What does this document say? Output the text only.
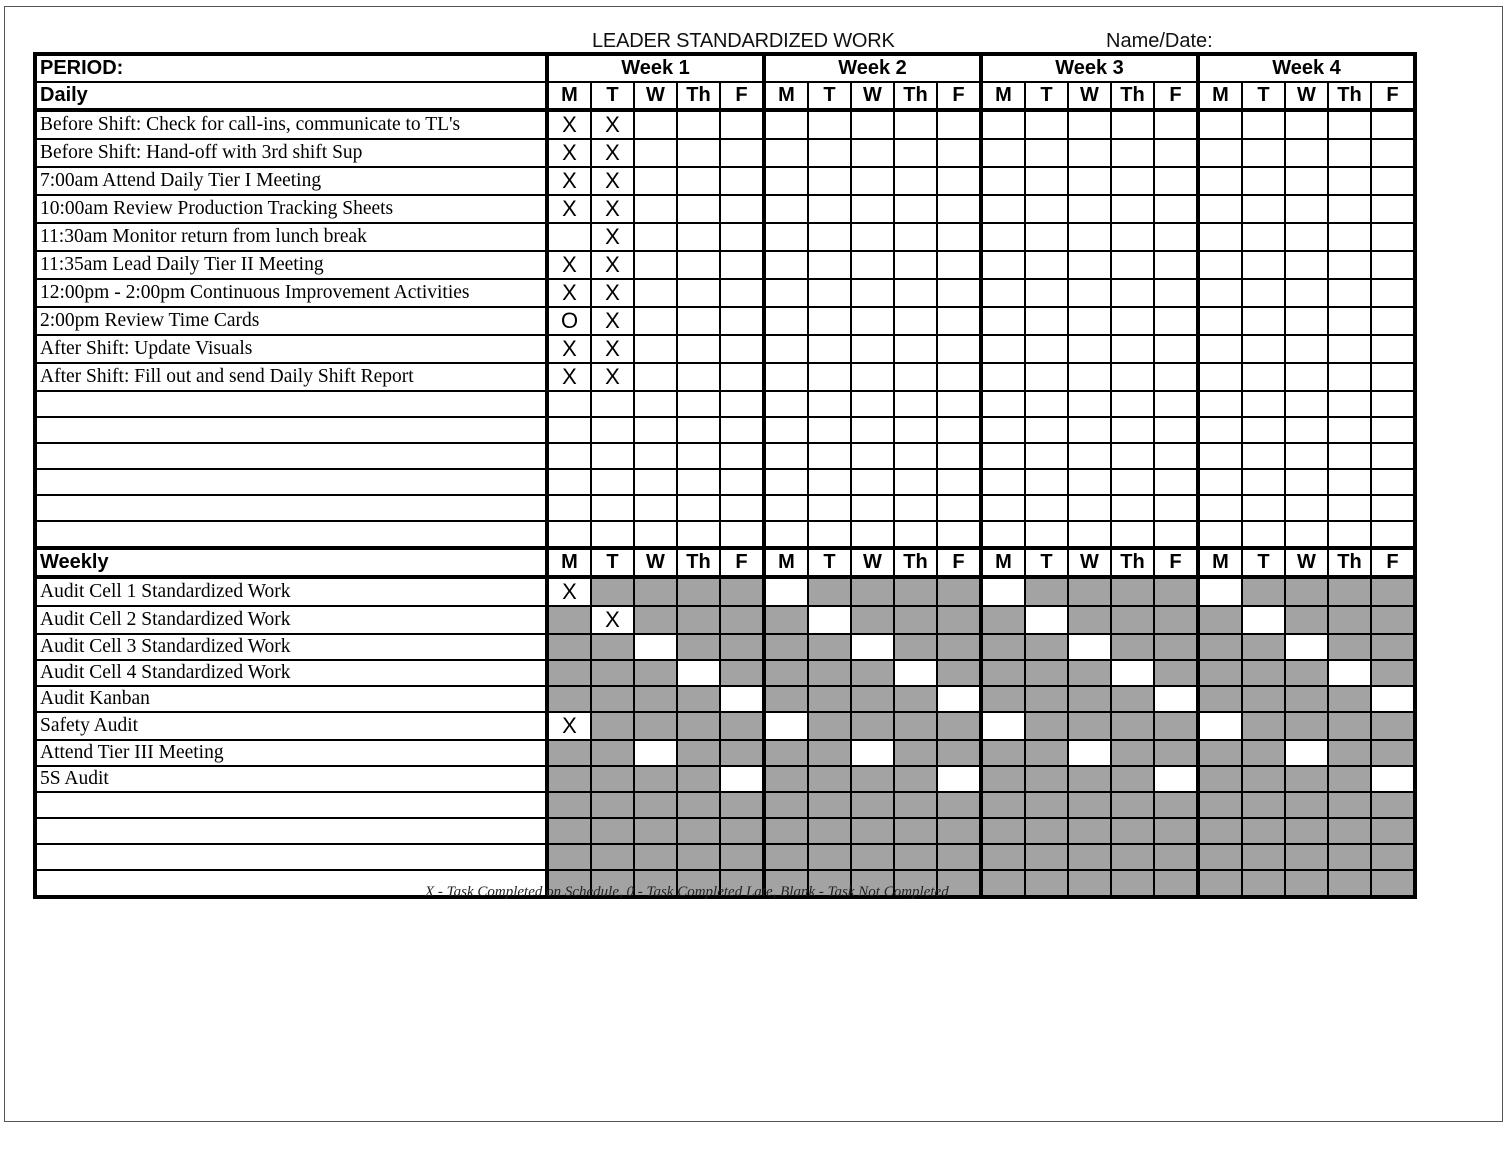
LEADER STANDARDIZED WORK	Name/Date:
PERIOD:	Week 1					Week 2					Week 3					Week 4				
Daily	M	T	W	Th	F	M	T	W	Th	F	M	T	W	Th	F	M	T	W	Th	F
Before Shift: Check for call-ins, communicate to TL's	X	X																		
Before Shift: Hand-off with 3rd shift Sup	X	X																		
7:00am Attend Daily Tier I Meeting	X	X																		
10:00am Review Production Tracking Sheets	X	X																		
11:30am Monitor return from lunch break		X																		
11:35am Lead Daily Tier II Meeting	X	X																		
12:00pm - 2:00pm Continuous Improvement Activities	X	X																		
2:00pm Review Time Cards	O	X																		
After Shift: Update Visuals	X	X																		
After Shift: Fill out and send Daily Shift Report	X	X																		

Weekly	M	T	W	Th	F	M	T	W	Th	F	M	T	W	Th	F	M	T	W	Th	F
Audit Cell 1 Standardized Work	X																			
Audit Cell 2 Standardized Work		X																		
Audit Cell 3 Standardized Work																				
Audit Cell 4 Standardized Work																				
Audit Kanban																				
Safety Audit	X																			
Attend Tier III Meeting																				
5S Audit																				

X - Task Completed on Schedule, 0 - Task Completed Late, Blank - Task Not Completed
